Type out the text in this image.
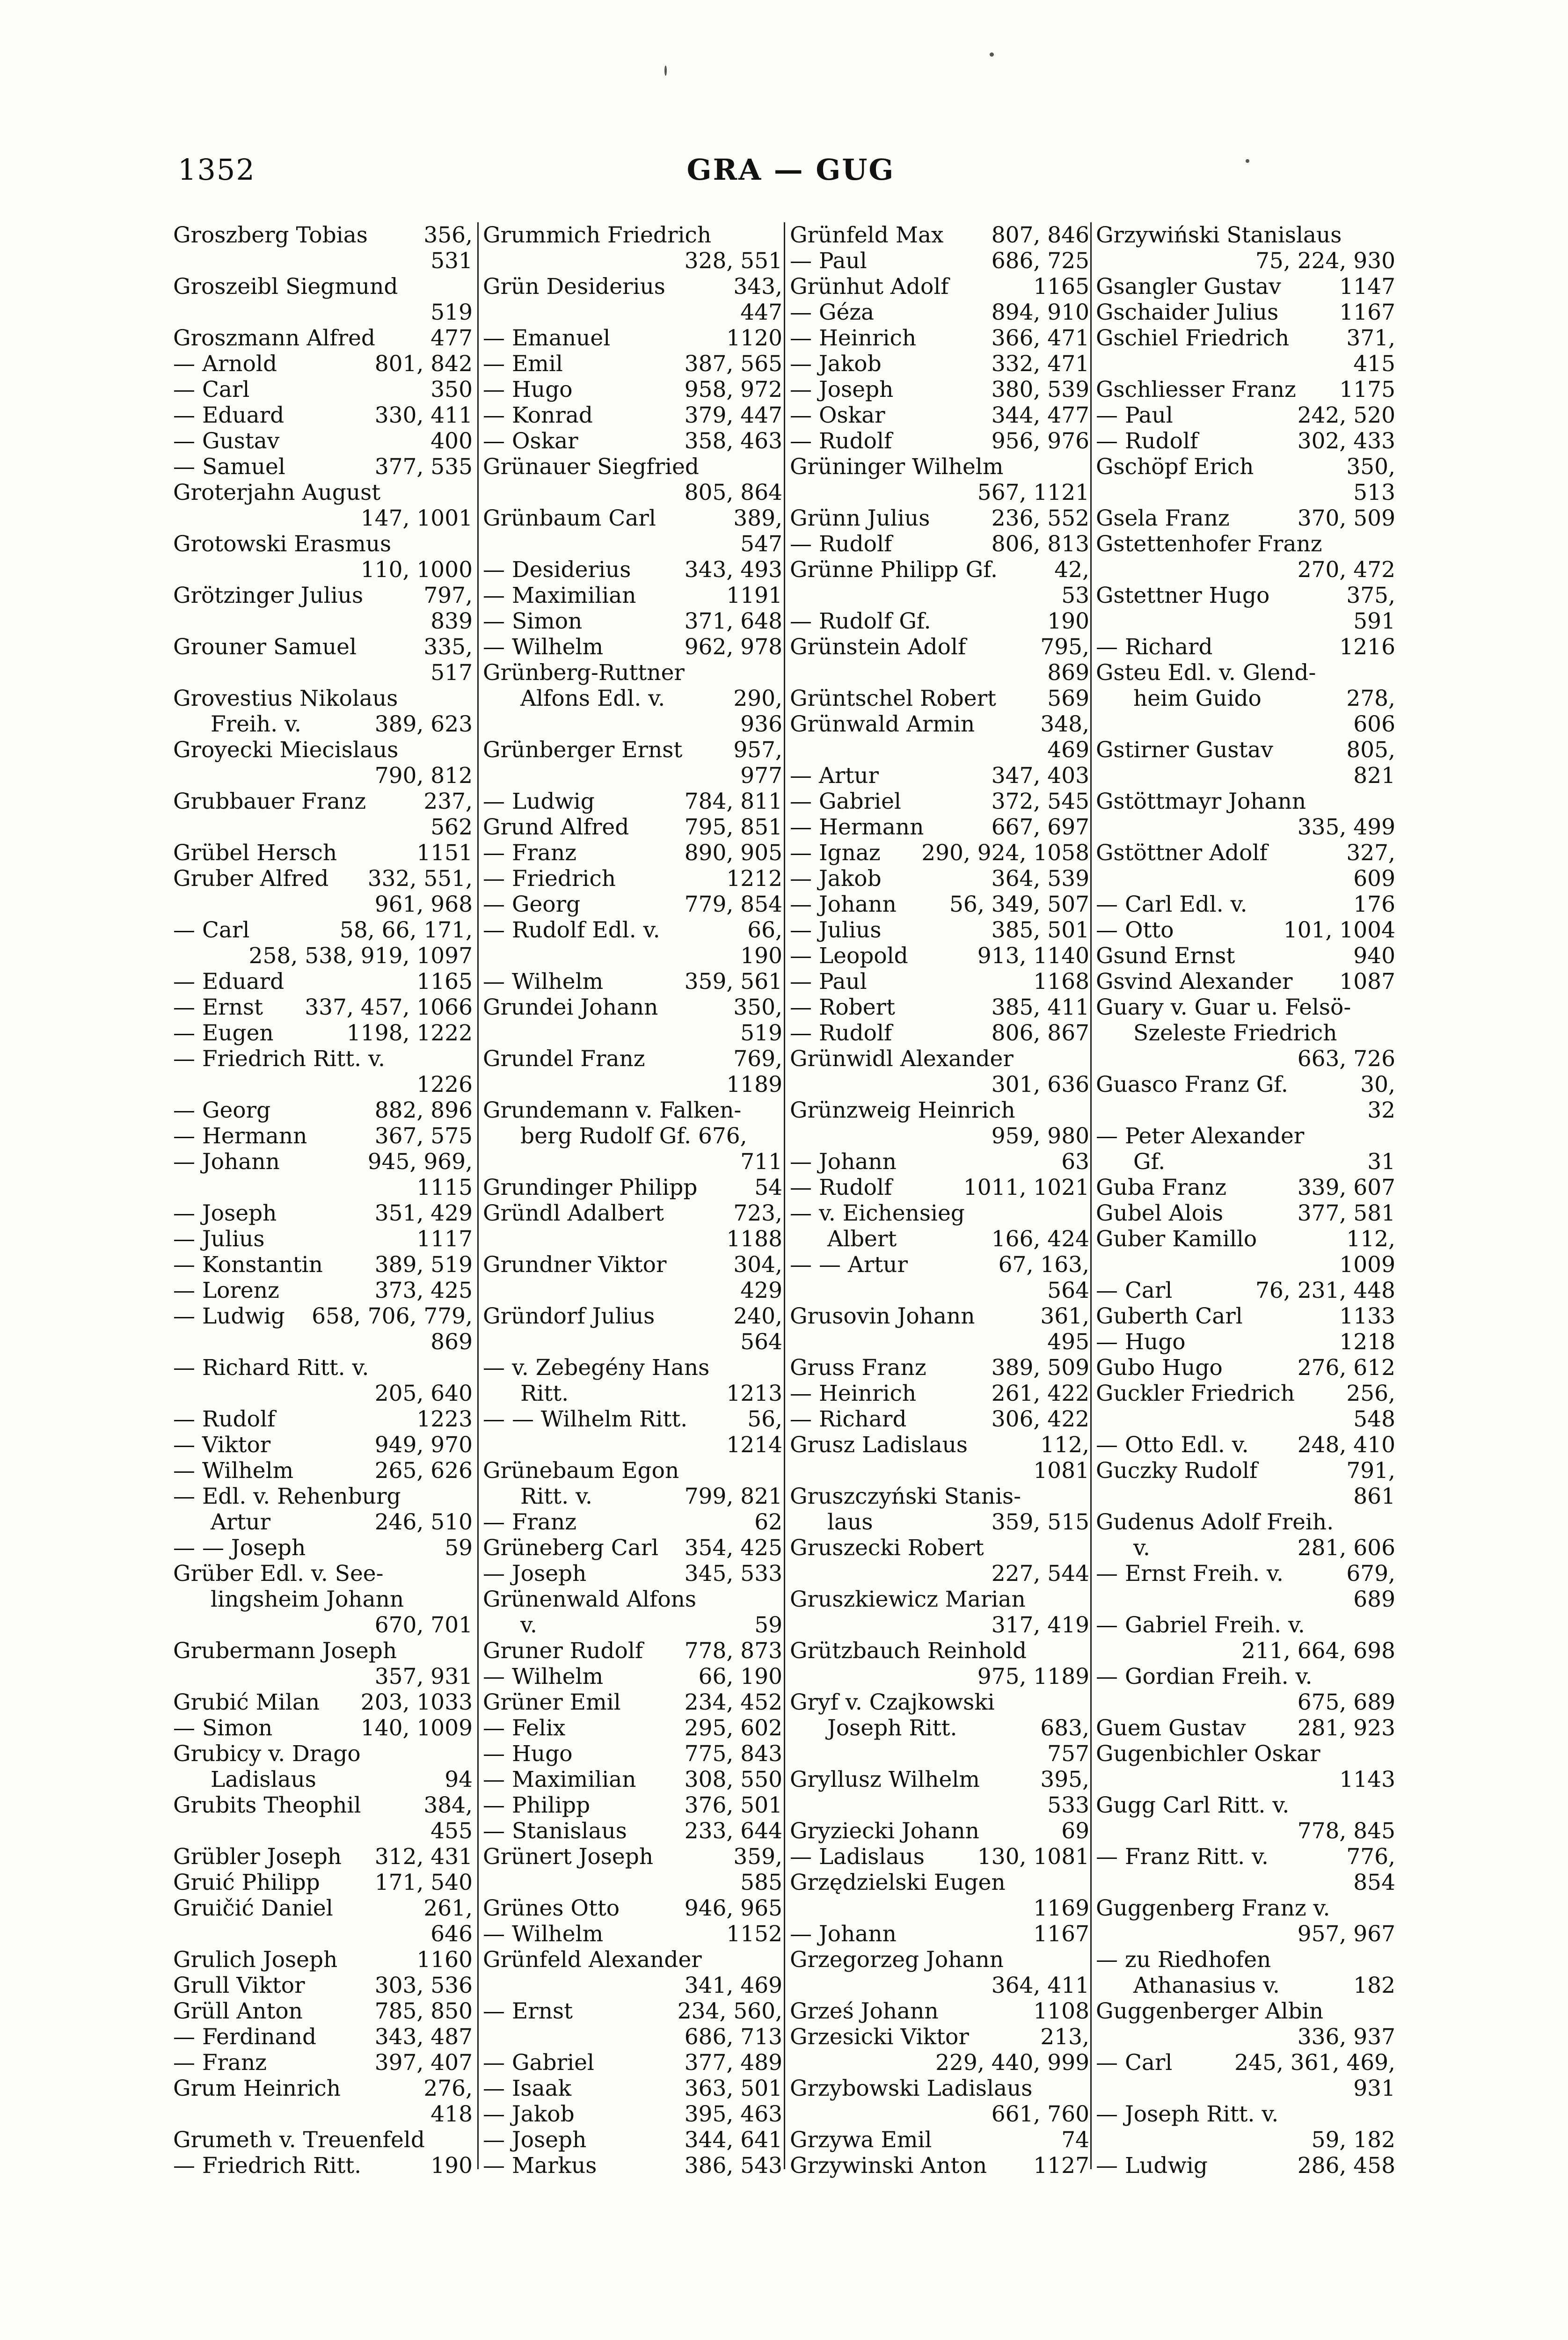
1352	GRA — GUG
Groszberg Tobias	356,
531
Groszeibl Siegmund
519
Groszmann Alfred	477
— Arnold	801, 842
— Carl	350
— Eduard	330, 411
— Gustav	400
— Samuel	377, 535
Groterjahn August
147, 1001
Grotowski Erasmus
110, 1000
Grötzinger Julius	797,
839
Grouner Samuel	335,
517
Grovestius Nikolaus
Freih. v.	389, 623
Groyecki Miecislaus
790, 812
Grubbauer Franz	237,
562
Grübel Hersch	1151
Gruber Alfred 332, 551,
961, 968
— Carl	58, 66, 171,
258, 538, 919, 1097
— Eduard	1165
— Ernst 337, 457, 1066
— Eugen	1198, 1222
— Friedrich Ritt. v.
1226
— Georg	882, 896
— Hermann	367, 575
— Johann	945, 969,
1115
— Joseph	351, 429
— Julius	1117
— Konstantin 389, 519
— Lorenz	373, 425
— Ludwig 658, 706, 779,
869
— Richard Ritt. v.
205, 640
— Rudolf	1223
— Viktor	949, 970
— Wilhelm	265, 626
— Edl. v. Rehenburg
Artur	246, 510
— — Joseph	59
Grüber Edl. v. See-
lingsheim Johann
670, 701
Grubermann Joseph
357, 931
Grubić Milan 203, 1033
— Simon	140, 1009
Grubicy v. Drago
Ladislaus	94
Grubits Theophil	384,
455
Grübler Joseph 312, 431
Gruić Philipp 171, 540
Gruičić Daniel	261,
646
Grulich Joseph	1160
Grull Viktor	303, 536
Grüll Anton	785, 850
— Ferdinand	343, 487
— Franz	397, 407
Grum Heinrich	276,
418
Grumeth v. Treuenfeld
— Friedrich Ritt.	190
Grummich Friedrich
328, 551
Grün Desiderius	343,
447
— Emanuel	1120
— Emil	387, 565
— Hugo	958, 972
— Konrad	379, 447
— Oskar	358, 463
Grünauer Siegfried
805, 864
Grünbaum Carl	389,
547
— Desiderius 343, 493
— Maximilian	1191
— Simon	371, 648
— Wilhelm	962, 978
Grünberg-Ruttner
Alfons Edl. v.	290,
936
Grünberger Ernst 957,
977
— Ludwig	784, 811
Grund Alfred	795, 851
— Franz	890, 905
— Friedrich	1212
— Georg	779, 854
— Rudolf Edl. v.	66,
190
— Wilhelm	359, 561
Grundei Johann	350,
519
Grundel Franz	769,
1189
Grundemann v. Falken-
berg Rudolf Gf. 676,
711
Grundinger Philipp	54
Gründl Adalbert	723,
1188
Grundner Viktor	304,
429
Gründorf Julius	240,
564
— v. Zebegény Hans
Ritt.	1213
— — Wilhelm Ritt.	56,
1214
Grünebaum Egon
Ritt. v.	799, 821
— Franz	62
Grüneberg Carl 354, 425
— Joseph	345, 533
Grünenwald Alfons
v.	59
Gruner Rudolf 778, 873
— Wilhelm	66, 190
Grüner Emil	234, 452
— Felix	295, 602
— Hugo	775, 843
— Maximilian 308, 550
— Philipp	376, 501
— Stanislaus	233, 644
Grünert Joseph	359,
585
Grünes Otto	946, 965
— Wilhelm	1152
Grünfeld Alexander
341, 469
— Ernst	234, 560,
686, 713
— Gabriel	377, 489
— Isaak	363, 501
— Jakob	395, 463
— Joseph	344, 641
— Markus	386, 543
Grünfeld Max 807, 846
— Paul	686, 725
Grünhut Adolf	1165
— Géza	894, 910
— Heinrich	366, 471
— Jakob	332, 471
— Joseph	380, 539
— Oskar	344, 477
— Rudolf	956, 976
Grüninger Wilhelm
567, 1121
Grünn Julius	236, 552
— Rudolf	806, 813
Grünne Philipp Gf.	42,
53
— Rudolf Gf.	190
Grünstein Adolf	795,
869
Grüntschel Robert 569
Grünwald Armin	348,
469
— Artur	347, 403
— Gabriel	372, 545
— Hermann	667, 697
— Ignaz 290, 924, 1058
— Jakob	364, 539
— Johann 56, 349, 507
— Julius	385, 501
— Leopold	913, 1140
— Paul	1168
— Robert	385, 411
— Rudolf	806, 867
Grünwidl Alexander
301, 636
Grünzweig Heinrich
959, 980
— Johann	63
— Rudolf	1011, 1021
— v. Eichensieg
Albert	166, 424
— — Artur	67, 163,
564
Grusovin Johann	361,
495
Gruss Franz	389, 509
— Heinrich	261, 422
— Richard	306, 422
Grusz Ladislaus	112,
1081
Gruszczyński Stanis-
laus	359, 515
Gruszecki Robert
227, 544
Gruszkiewicz Marian
317, 419
Grützbauch Reinhold
975, 1189
Gryf v. Czajkowski
Joseph Ritt.	683,
757
Gryllusz Wilhelm	395,
533
Gryziecki Johann	69
— Ladislaus 130, 1081
Grzędzielski Eugen
1169
— Johann	1167
Grzegorzeg Johann
364, 411
Grześ Johann	1108
Grzesicki Viktor	213,
229, 440, 999
Grzybowski Ladislaus
661, 760
Grzywa Emil	74
Grzywinski Anton 1127
Grzywiński Stanislaus
75, 224, 930
Gsangler Gustav	1147
Gschaider Julius	1167
Gschiel Friedrich	371,
415
Gschliesser Franz 1175
— Paul	242, 520
— Rudolf	302, 433
Gschöpf Erich	350,
513
Gsela Franz	370, 509
Gstettenhofer Franz
270, 472
Gstettner Hugo	375,
591
— Richard	1216
Gsteu Edl. v. Glend-
heim Guido	278,
606
Gstirner Gustav	805,
821
Gstöttmayr Johann
335, 499
Gstöttner Adolf	327,
609
— Carl Edl. v.	176
— Otto	101, 1004
Gsund Ernst	940
Gsvind Alexander 1087
Guary v. Guar u. Felsö-
Szeleste Friedrich
663, 726
Guasco Franz Gf.	30,
32
— Peter Alexander
Gf.	31
Guba Franz	339, 607
Gubel Alois	377, 581
Guber Kamillo	112,
1009
— Carl	76, 231, 448
Guberth Carl	1133
— Hugo	1218
Gubo Hugo	276, 612
Guckler Friedrich 256,
548
— Otto Edl. v. 248, 410
Guczky Rudolf	791,
861
Gudenus Adolf Freih.
v.	281, 606
— Ernst Freih. v.	679,
689
— Gabriel Freih. v.
211, 664, 698
— Gordian Freih. v.
675, 689
Guem Gustav 281, 923
Gugenbichler Oskar
1143
Gugg Carl Ritt. v.
778, 845
— Franz Ritt. v.	776,
854
Guggenberg Franz v.
957, 967
— zu Riedhofen
Athanasius v.	182
Guggenberger Albin
336, 937
— Carl	245, 361, 469,
931
— Joseph Ritt. v.
59, 182
— Ludwig	286, 458
